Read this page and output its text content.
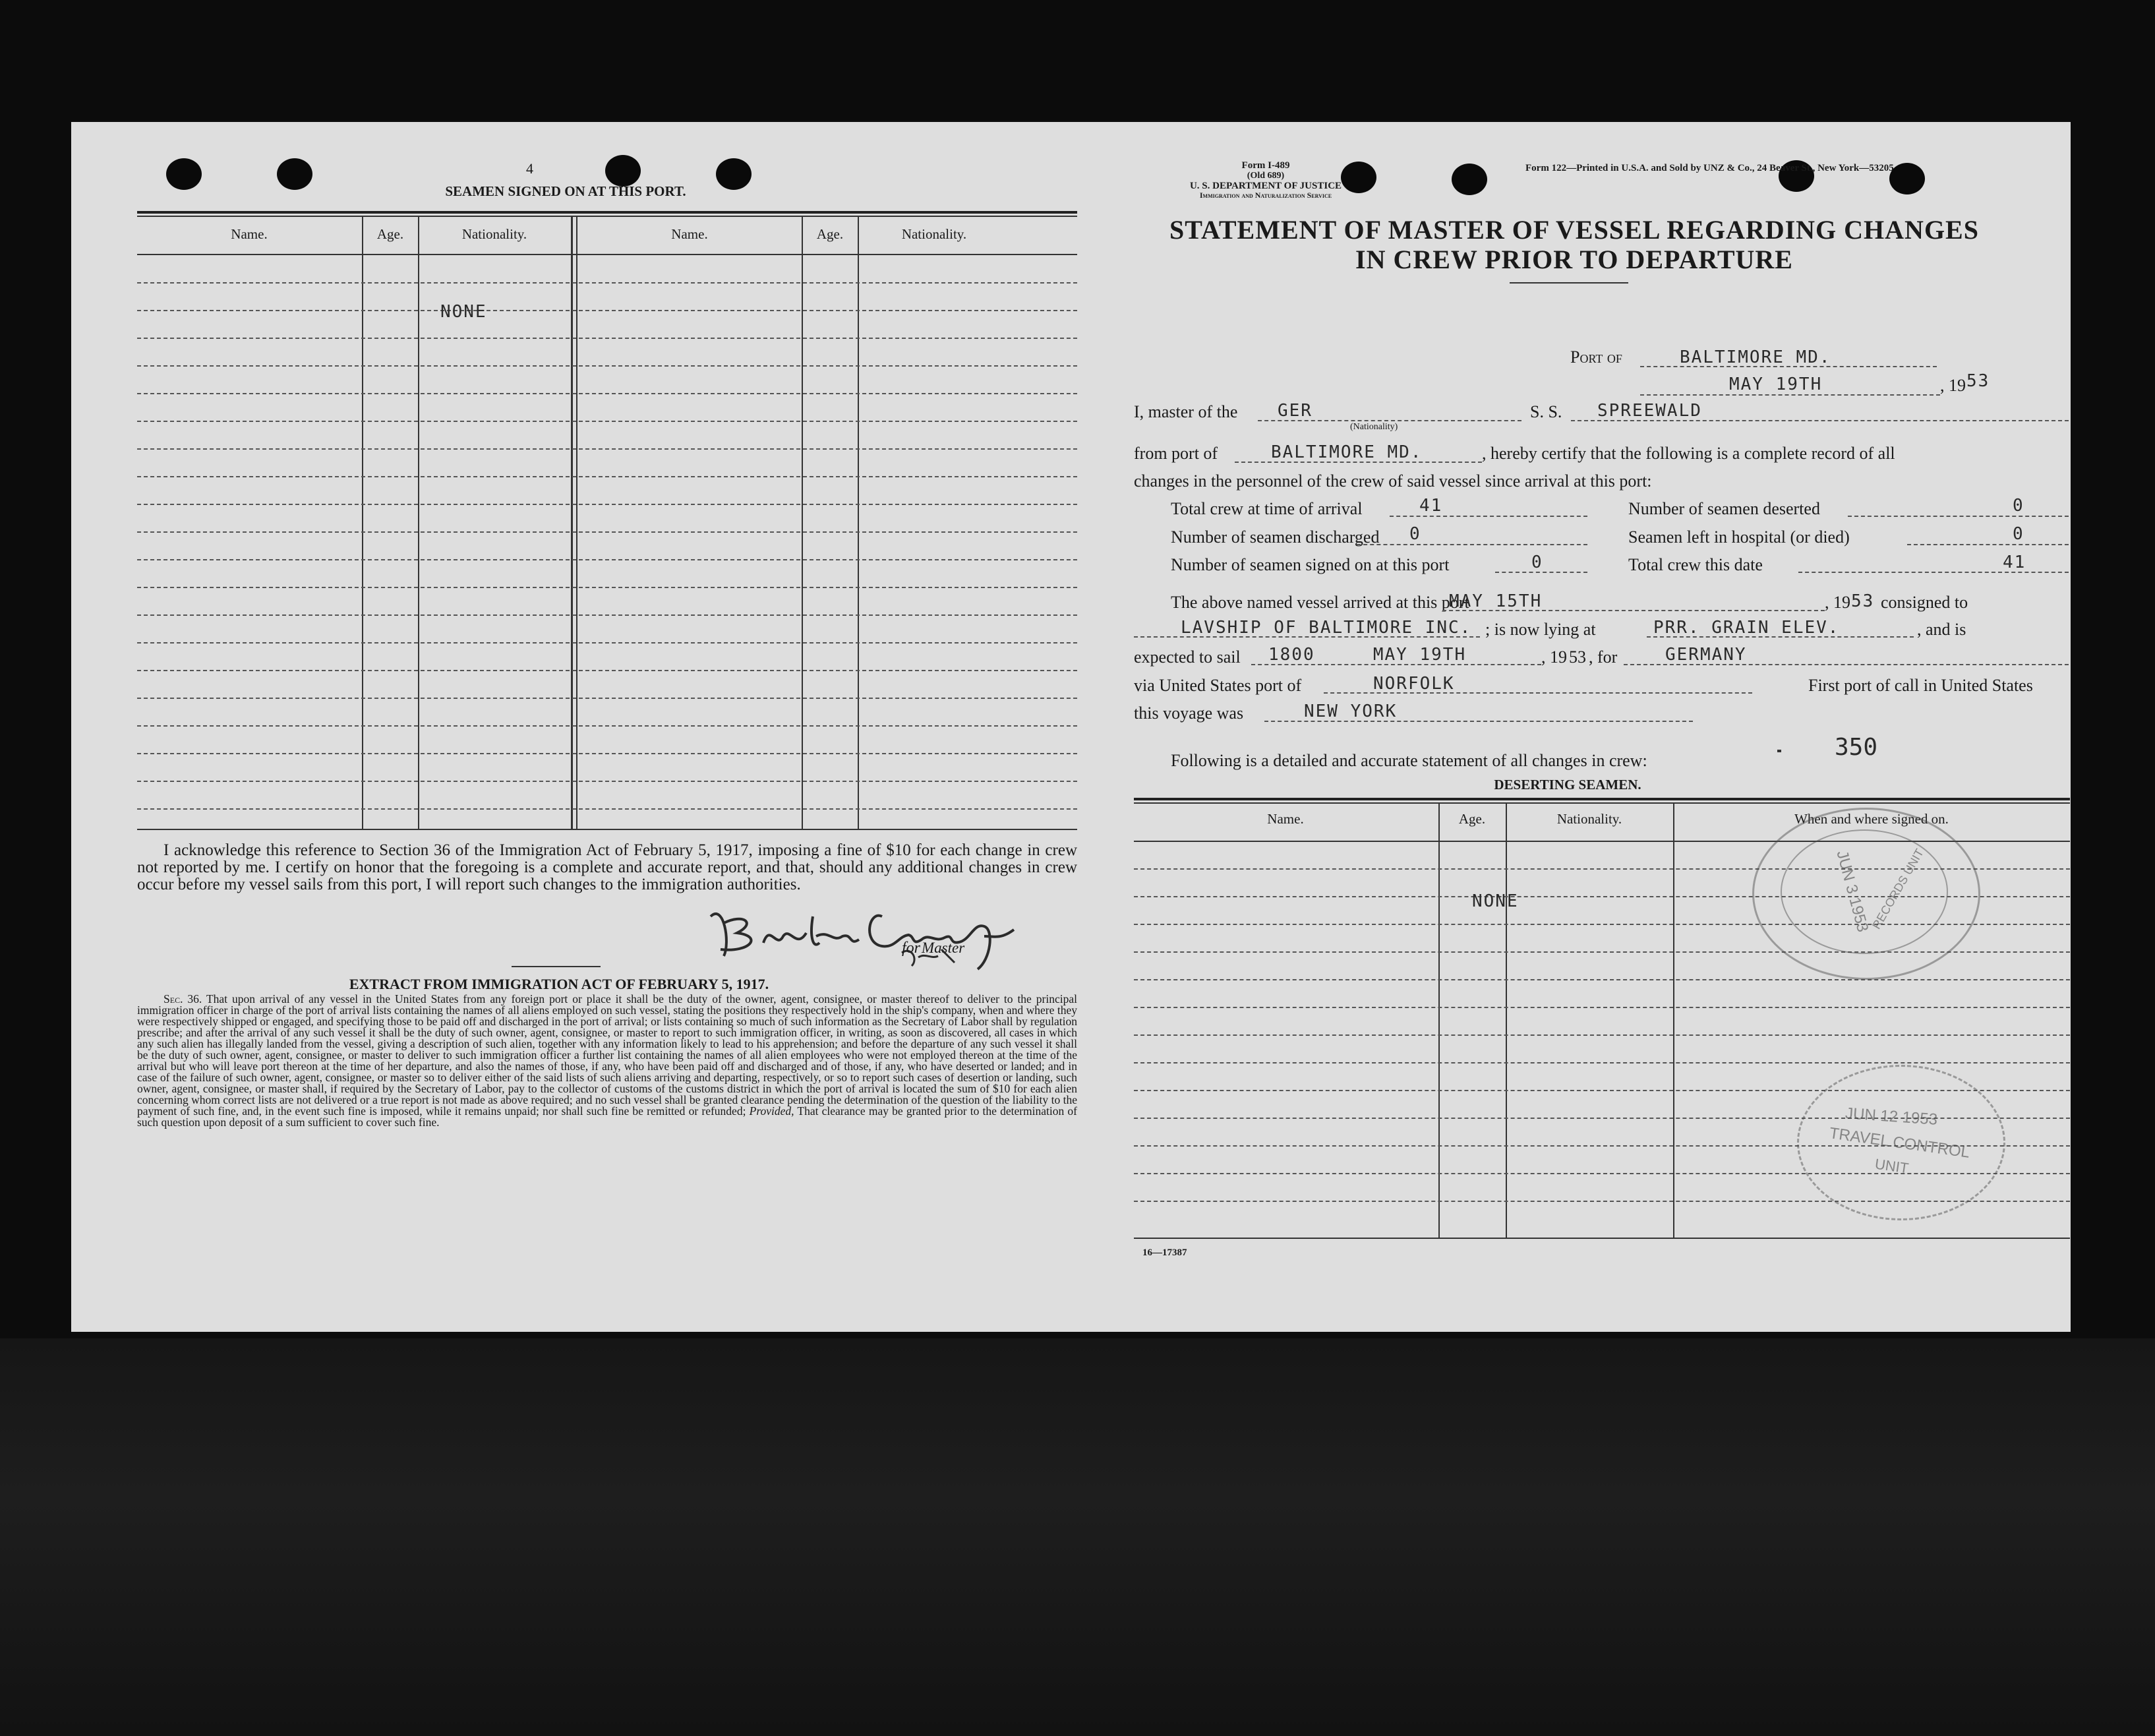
4
SEAMEN SIGNED ON AT THIS PORT.
Name.	Age.	Nationality.	Name.	Age.	Nationality.
NONE
I acknowledge this reference to Section 36 of the Immigration Act of February 5, 1917, imposing a fine of $10 for each change in crew not reported by me. I certify on honor that the foregoing is a complete and accurate report, and that, should any additional changes in crew occur before my vessel sails from this port, I will report such changes to the immigration authorities.
for Master
EXTRACT FROM IMMIGRATION ACT OF FEBRUARY 5, 1917.
Sec. 36. That upon arrival of any vessel in the United States from any foreign port or place it shall be the duty of the owner, agent, consignee, or master thereof to deliver to the principal immigration officer in charge of the port of arrival lists containing the names of all aliens employed on such vessel, stating the positions they respectively hold in the ship's company, when and where they were respectively shipped or engaged, and specifying those to be paid off and discharged in the port of arrival; or lists containing so much of such information as the Secretary of Labor shall by regulation prescribe; and after the arrival of any such vessel it shall be the duty of such owner, agent, consignee, or master to report to such immigration officer, in writing, as soon as discovered, all cases in which any such alien has illegally landed from the vessel, giving a description of such alien, together with any information likely to lead to his apprehension; and before the departure of any such vessel it shall be the duty of such owner, agent, consignee, or master to deliver to such immigration officer a further list containing the names of all alien employees who were not employed thereon at the time of the arrival but who will leave port thereon at the time of her departure, and also the names of those, if any, who have been paid off and discharged and of those, if any, who have deserted or landed; and in case of the failure of such owner, agent, consignee, or master so to deliver either of the said lists of such aliens arriving and departing, respectively, or so to report such cases of desertion or landing, such owner, agent, consignee, or master shall, if required by the Secretary of Labor, pay to the collector of customs of the customs district in which the port of arrival is located the sum of $10 for each alien concerning whom correct lists are not delivered or a true report is not made as above required; and no such vessel shall be granted clearance pending the determination of the question of the liability to the payment of such fine, and, in the event such fine is imposed, while it remains unpaid; nor shall such fine be remitted or refunded; Provided, That clearance may be granted prior to the determination of such question upon deposit of a sum sufficient to cover such fine.
Form I-489
(Old 689)
U. S. DEPARTMENT OF JUSTICE
Immigration and Naturalization Service
Form 122—Printed in U.S.A. and Sold by UNZ & Co., 24 Beaver St., New York—53205
STATEMENT OF MASTER OF VESSEL REGARDING CHANGES
IN CREW PRIOR TO DEPARTURE
Port of	BALTIMORE MD.
MAY 19TH	, 19 53
I, master of the GER
(Nationality)
S. S. SPREEWALD
from port of	BALTIMORE MD.	, hereby certify that the following is a complete record of all
changes in the personnel of the crew of said vessel since arrival at this port:
Total crew at time of arrival	41	Number of seamen deserted	0
Number of seamen discharged 0	Seamen left in hospital (or died)	0
Number of seamen signed on at this port	0	Total crew this date	41
The above named vessel arrived at this port
MAY 15TH	, 19 53 consigned to
LAVSHIP OF BALTIMORE INC. ; is now lying at	PRR. GRAIN ELEV.	, and is
expected to sail 1800     MAY 19TH	, 19 53 , for	GERMANY
via United States port of	NORFOLK	First port of call in United States
this voyage was	NEW YORK
Following is a detailed and accurate statement of all changes in crew:	350
DESERTING SEAMEN.
Name.	Age.	Nationality.	When and where signed on.
NONE
16—17387
JUN 3 1953
RECORDS UNIT
JUN 12 1953
TRAVEL CONTROL
UNIT
